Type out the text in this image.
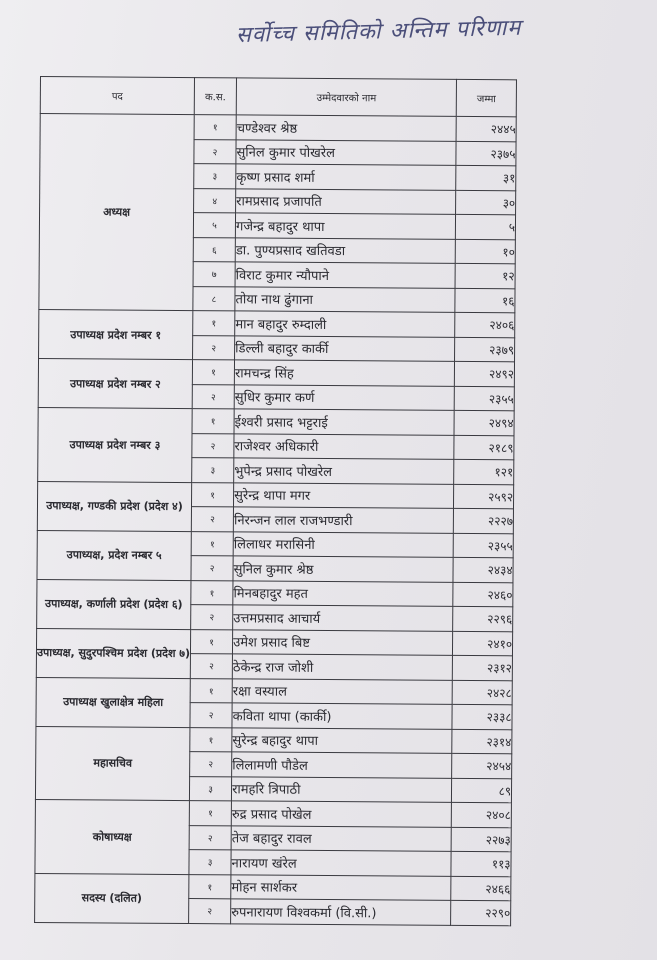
सर्वोच्च समितिको अन्तिम परिणाम
पद	क.स.	उम्मेदवारको नाम	जम्मा
अध्यक्ष	१	चण्डेश्वर श्रेष्ठ	२४४५
	२	सुनिल कुमार पोखरेल	२३७५
	३	कृष्ण प्रसाद शर्मा	३१
	४	रामप्रसाद प्रजापति	३०
	५	गजेन्द्र बहादुर थापा	५
	६	डा. पुण्यप्रसाद खतिवडा	१०
	७	विराट कुमार न्यौपाने	१२
	८	तोया नाथ ढुंगाना	१६
उपाध्यक्ष प्रदेश नम्बर १	१	मान बहादुर रुम्दाली	२४०६
	२	डिल्ली बहादुर कार्की	२३७९
उपाध्यक्ष प्रदेश नम्बर २	१	रामचन्द्र सिंह	२४९२
	२	सुधिर कुमार कर्ण	२३५५
उपाध्यक्ष प्रदेश नम्बर ३	१	ईश्वरी प्रसाद भट्टराई	२४९४
	२	राजेश्वर अधिकारी	२१८९
	३	भुपेन्द्र प्रसाद पोखरेल	१२१
उपाध्यक्ष, गण्डकी प्रदेश (प्रदेश ४)	१	सुरेन्द्र थापा मगर	२५९२
	२	निरन्जन लाल राजभण्डारी	२२२७
उपाध्यक्ष, प्रदेश नम्बर ५	१	लिलाधर मरासिनी	२३५५
	२	सुनिल कुमार श्रेष्ठ	२४३४
उपाध्यक्ष, कर्णाली प्रदेश (प्रदेश ६)	१	मिनबहादुर महत	२४६०
	२	उत्तमप्रसाद आचार्य	२२९६
उपाध्यक्ष, सुदुरपश्चिम प्रदेश (प्रदेश ७)	१	उमेश प्रसाद बिष्ट	२४१०
	२	ठेकेन्द्र राज जोशी	२३१२
उपाध्यक्ष खुलाक्षेत्र महिला	१	रक्षा वस्याल	२४२८
	२	कविता थापा (कार्की)	२३३८
महासचिव	१	सुरेन्द्र बहादुर थापा	२३१४
	२	लिलामणी पौडेल	२४५४
	३	रामहरि त्रिपाठी	८९
कोषाध्यक्ष	१	रुद्र प्रसाद पोखेल	२४०८
	२	तेज बहादुर रावल	२२७३
	३	नारायण खंरेल	११३
सदस्य (दलित)	१	मोहन सार्शकर	२४६६
	२	रुपनारायण विश्वकर्मा (वि.सी.)	२२९०
